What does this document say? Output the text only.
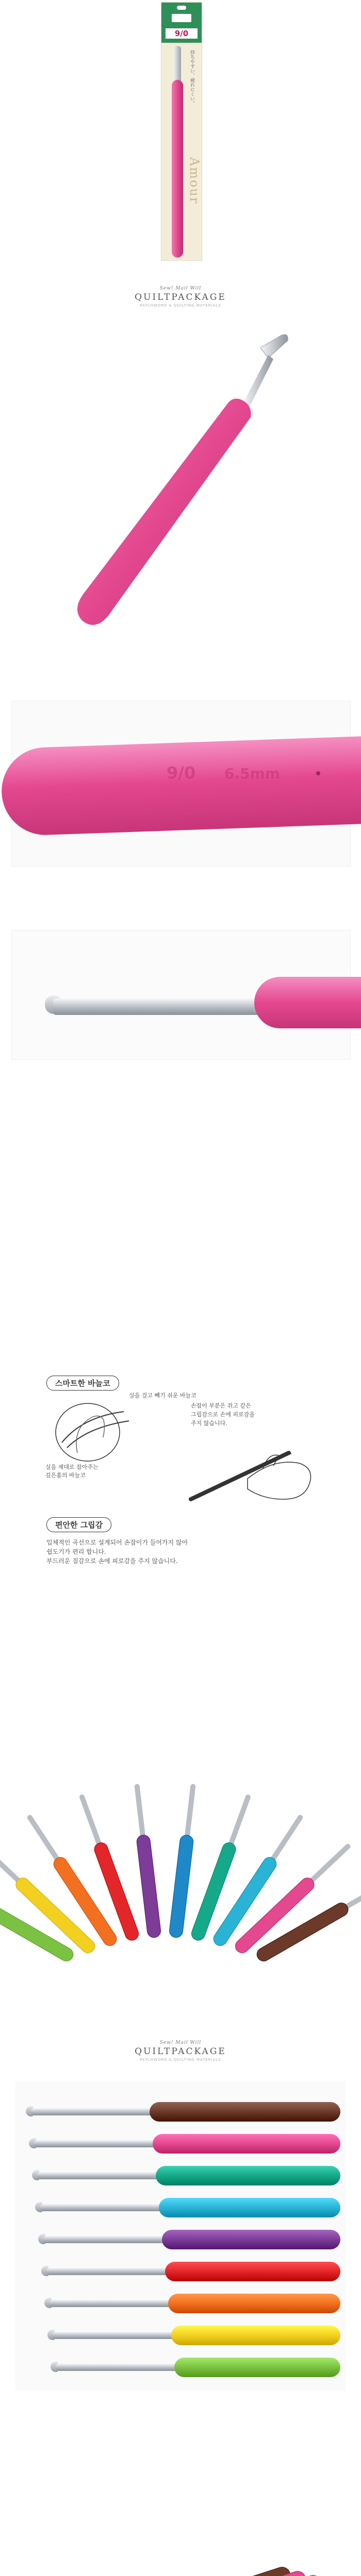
9/0
持ちやすい、疲れにくい。
Amour
Sew! Mail Will
QUILTPACKAGE
PATCHWORK & QUILTING MATERIALS
9/0 6.5mm
스마트한 바늘코
실을 걸고 빼기 쉬운 바늘코
실을 제대로 잡아주는
깊은홈의 바늘코
손잡이 부분은 쥐고 같은
그립감으로 손에 피로감을
주지 않습니다.
편안한 그립감
입체적인 곡선으로 설계되어 손잡이가 들어가지 않아
쉽도기가 편리 합니다.
부드러운 질감으로 손에 피로감을 주지 않습니다.
Sew! Mail Will
QUILTPACKAGE
PATCHWORK & QUILTING MATERIALS
